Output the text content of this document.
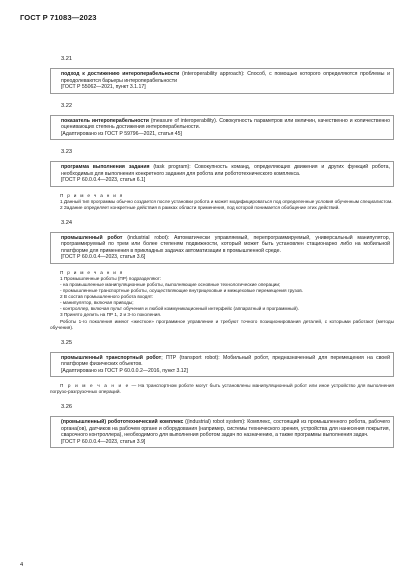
ГОСТ Р 71083—2023
3.21

подход к достижению интероперабельности (interoperability approach): Способ, с помощью которого определяются проблемы и преодолеваются барьеры интероперабельности

[ГОСТ Р 55062—2021, пункт 3.1.17]

3.22

показатель интероперабельности (measure of interoperability). Совокупность параметров или величин, качественно и количественно оценивающих степень достижения интероперабельности.

[Адаптировано из ГОСТ Р 59796—2021, статья 45]

3.23

программа выполнения задания (task program): Совокупность команд, определяющих движения и других функций робота, необходимых для выполнения конкретного задания для робота или робототехнического комплекса.

[ГОСТ Р 60.0.0.4—2023, статья 6.1]

П р и м е ч а н и я

1 Данный тип программы обычно создается после установки робота и может модифицироваться под определенные условия обученным специалистом.

2 Задание определяет конкретные действия в рамках области применения, под которой понимается обобщение этих действий.

3.24

промышленный робот (industrial robot): Автоматически управляемый, перепрограммируемый, универсальный манипулятор, программируемый по трем или более степеням подвижности, который может быть установлен стационарно либо на мобильной платформе для применения в прикладных задачах автоматизации в промышленной среде.

[ГОСТ Р 60.0.0.4—2023, статья 3.6]

П р и м е ч а н и я

1 Промышленные роботы (ПР) подразделяют:

- на промышленные манипуляционные роботы, выполняющие основные технологические операции;

- промышленные транспортные роботы, осуществляющие внутрицеховые и межцеховые перемещения грузов.

2 В состав промышленного робота входят:

- манипулятор, включая приводы;

- контроллер, включая пульт обучения и любой коммуникационный интерфейс (аппаратный и программный).

3 Принято делить на ПР 1, 2 и 3-го поколения.

Роботы 1-го поколения имеют «жесткое» программное управление и требуют точного позиционирования деталей, с которыми работают (методы обучения).

3.25

промышленный транспортный робот; ПТР (transport robot): Мобильный робот, предназначенный для перемещения на своей платформе физических объектов.

[Адаптировано из ГОСТ Р 60.0.0.2—2016, пункт 3.12]

П р и м е ч а н и е — На транспортном роботе могут быть установлены манипуляционный робот или иное устройство для выполнения погрузо-разгрузочных операций.

3.26

(промышленный) робототехнический комплекс ((industrial) robot system): Комплекс, состоящий из промышленного робота, рабочего органа(ов), датчиков на рабочем органе и оборудования (например, системы технического зрения, устройства для нанесения покрытия, сварочного контроллера), необходимого для выполнения роботом задач по назначению, а также программы выполнения задач.

[ГОСТ Р 60.0.0.4—2023, статья 3.9]

4
